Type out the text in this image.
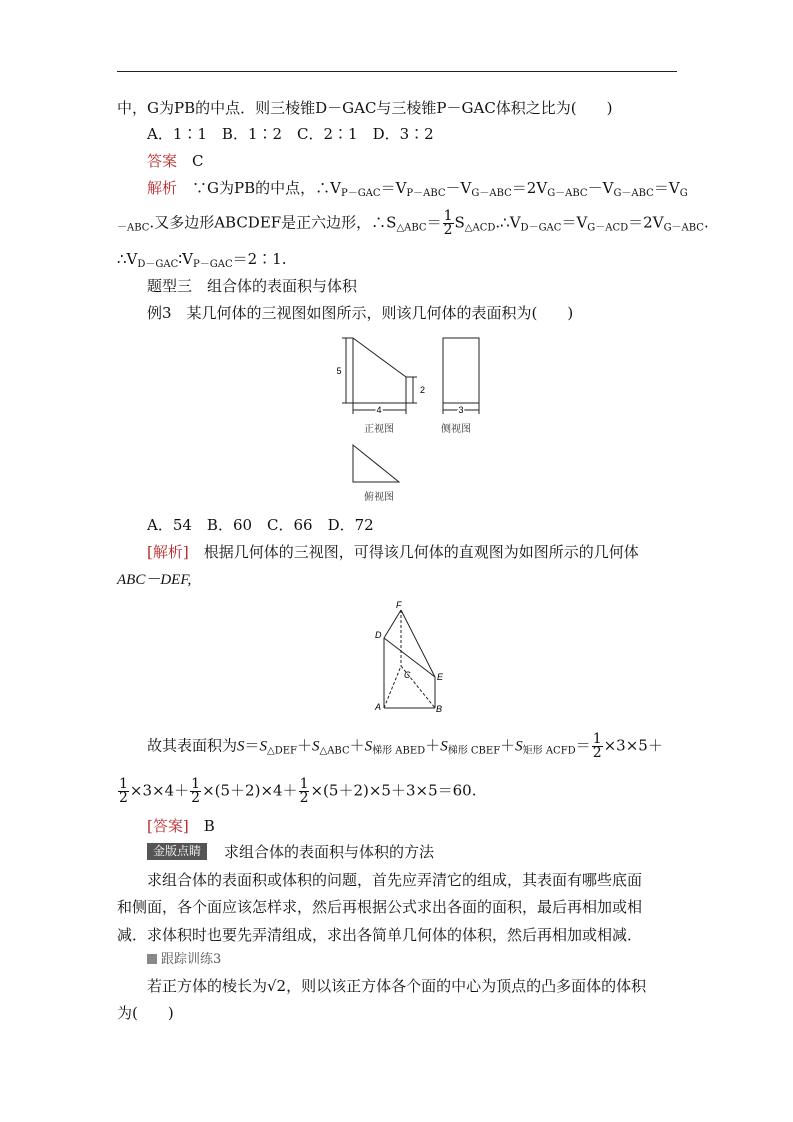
中，G为PB的中点．则三棱锥D－GAC与三棱锥P－GAC体积之比为(　　)
A．1∶1　B．1∶2　C．2∶1　D．3∶2
答案　 C
解析　 ∵G为PB的中点，$\therefore V_{P-GAC}=V_{P-ABC}-V_{G-ABC}=2V_{G-ABC}-V_{G-ABC}=V_G$
$_{-ABC}$.又多边形ABCDEF是正六边形，$\therefore S_{\triangle ABC}= \frac{1}{2}$ $S_{\triangle ACD}.\therefore V_{D-GAC}=V_{G-ACD}=2V_{G-ABC}$.
$\therefore V_{D-GAC}∶V_{P-GAC}=2∶1$.
题型三　组合体的表面积与体积
例3　某几何体的三视图如图所示，则该几何体的表面积为(　　)
5
2
4	3
正视图	侧视图
俯视图
A．54　B．60　C．66　D．72
[解析]　根据几何体的三视图，可得该几何体的直观图为如图所示的几何体
ABC－DEF,
F
D
C	E
A	B
故其表面积为$S=S_{\triangle DEF}+S_{\triangle ABC}+S_{梯形 ABED}+S_{梯形 CBEF}+S_{矩形 ACFD}= \frac{1}{2} \times 3\times 5+$
$\frac{1}{2} \times 3\times 4+ \frac{1}{2} \times(5+2)\times 4+ \frac{1}{2} \times(5+2)\times 5+3\times 5=60$.
[答案]　 B
金版点睛	求组合体的表面积与体积的方法
求组合体的表面积或体积的问题，首先应弄清它的组成，其表面有哪些底面
和侧面，各个面应该怎样求，然后再根据公式求出各面的面积，最后再相加或相
减．求体积时也要先弄清组成，求出各简单几何体的体积，然后再相加或相减．
跟踪训练3
若正方体的棱长为√2，则以该正方体各个面的中心为顶点的凸多面体的体积
为(　　)
